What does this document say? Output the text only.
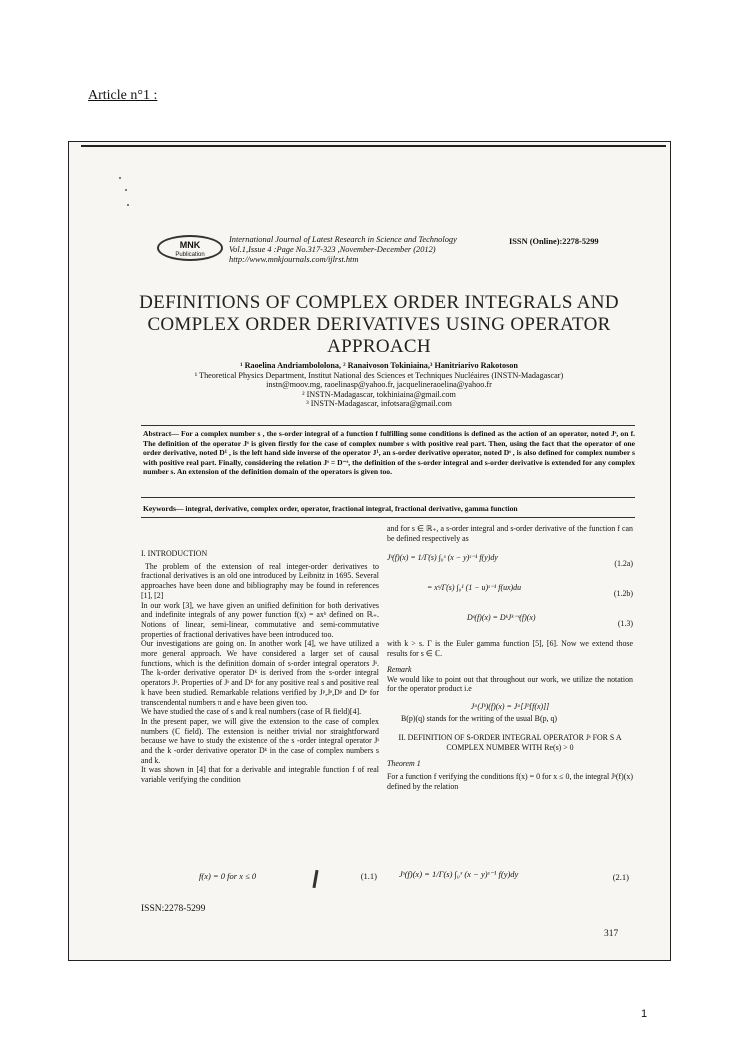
Article n°1 :
MNK
Publication
International Journal of Latest Research in Science and Technology
Vol.1,Issue 4 :Page No.317-323 ,November-December (2012)
http://www.mnkjournals.com/ijlrst.htm
ISSN (Online):2278-5299
DEFINITIONS OF COMPLEX ORDER INTEGRALS AND COMPLEX ORDER DERIVATIVES USING OPERATOR APPROACH
¹ Raoelina Andriambololona, ² Ranaivoson Tokiniaina,³ Hanitriarivo Rakotoson
¹ Theoretical Physics Department, Institut National des Sciences et Techniques Nucléaires (INSTN-Madagascar)
instn@moov.mg, raoelinasp@yahoo.fr, jacquelineraoelina@yahoo.fr
² INSTN-Madagascar, tokhiniaina@gmail.com
³ INSTN-Madagascar, infotsara@gmail.com
Abstract— For a complex number s , the s-order integral of a function f fulfilling some conditions is defined as the action of an operator, noted Jˢ, on f. The definition of the operator Jˢ is given firstly for the case of complex number s with positive real part. Then, using the fact that the operator of one order derivative, noted D¹ , is the left hand side inverse of the operator J¹, an s-order derivative operator, noted Dˢ , is also defined for complex number s with positive real part. Finally, considering the relation Jˢ = D⁻ˢ, the definition of the s-order integral and s-order derivative is extended for any complex number s. An extension of the definition domain of the operators is given too.
Keywords— integral, derivative, complex order, operator, fractional integral, fractional derivative, gamma function
I. INTRODUCTION
The problem of the extension of real integer-order derivatives to fractional derivatives is an old one introduced by Leibnitz in 1695. Several approaches have been done and bibliography may be found in references [1], [2]
In our work [3], we have given an unified definition for both derivatives and indefinite integrals of any power function f(x) = axʰ defined on ℝ₊. Notions of linear, semi-linear, commutative and semi-commutative properties of fractional derivatives have been introduced too.
Our investigations are going on. In another work [4], we have utilized a more general approach. We have considered a larger set of causal functions, which is the definition domain of s-order integral operators Jˢ. The k-order derivative operator Dᵏ is derived from the s-order integral operators Jˢ. Properties of Jˢ and Dᵏ for any positive real s and positive real k have been studied. Remarkable relations verified by Jᵖ,Jᵉ,Dᵖ and Dᵉ for transcendental numbers π and e have been given too.
We have studied the case of s and k real numbers (case of ℝ field)[4].
In the present paper, we will give the extension to the case of complex numbers (ℂ field). The extension is neither trivial nor straightforward because we have to study the existence of the s -order integral operator Jˢ and the k -order derivative operator Dᵏ in the case of complex numbers s and k.
It was shown in [4] that for a derivable and integrable function f of real variable verifying the condition
and for s ∈ ℝ₊, a s-order integral and s-order derivative of the function f can be defined respectively as
Jˢ(f)(x) = 1/Γ(s) ∫₀ˣ (x − y)ˢ⁻¹ f(y)dy
(1.2a)
= xˢ/Γ(s) ∫₀¹ (1 − u)ˢ⁻¹ f(ux)du
(1.2b)
Dˢ(f)(x) = DᵏJᵏ⁻ˢ(f)(x)
(1.3)
with k > s. Γ is the Euler gamma function [5], [6]. Now we extend those results for s ∈ ℂ.
Remark
We would like to point out that throughout our work, we utilize the notation for the operator product i.e
Jᵃ(Jᵇ)(f)(x) = Jᵃ[Jᵇ[f(x)]]
B(p)(q) stands for the writing of the usual B(p, q)
II. DEFINITION OF S-ORDER INTEGRAL OPERATOR Jˢ FOR S A COMPLEX NUMBER WITH Re(s) > 0
Theorem 1
For a function f verifying the conditions f(x) = 0 for x ≤ 0, the integral Jˢ(f)(x) defined by the relation
f(x) = 0 for x ≤ 0	(1.1)	Jˢ(f)(x) = 1/Γ(s) ∫₀ˣ (x − y)ˢ⁻¹ f(y)dy	(2.1)
ISSN:2278-5299
317
1
